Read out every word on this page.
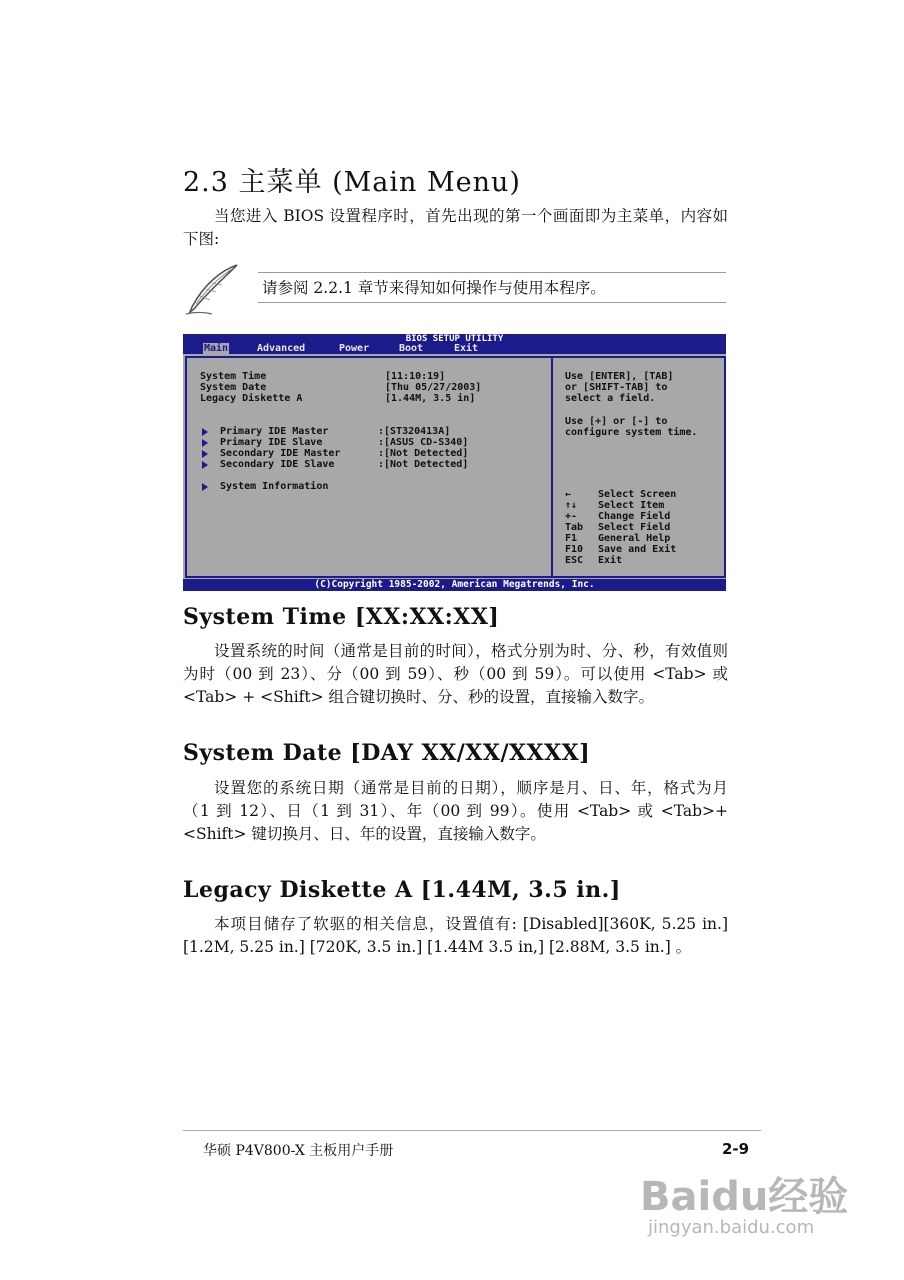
2.3 主菜单 (Main Menu)

当您进入 BIOS 设置程序时，首先出现的第一个画面即为主菜单，内容如下图:

请参阅 2.2.1 章节来得知如何操作与使用本程序。
BIOS SETUP UTILITY
Main	Advanced	Power	Boot	Exit
System Time	[11:10:19]
System Date	[Thu 05/27/2003]
Legacy Diskette A	[1.44M, 3.5 in]
Primary IDE Master	:[ST320413A]
Primary IDE Slave	:[ASUS CD-S340]
Secondary IDE Master	:[Not Detected]
Secondary IDE Slave	:[Not Detected]
System Information
Use [ENTER], [TAB]
or [SHIFT-TAB] to
select a field.
Use [+] or [-] to
configure system time.
←	Select Screen
↑↓ Select Item
+- Change Field
Tab Select Field
F1 General Help
F10 Save and Exit
ESC Exit
(C)Copyright 1985-2002, American Megatrends, Inc.
System Time [XX:XX:XX]

设置系统的时间（通常是目前的时间），格式分别为时、分、秒，有效值则为时（00 到 23）、分（00 到 59）、秒（00 到 59）。可以使用 <Tab> 或 <Tab> + <Shift> 组合键切换时、分、秒的设置，直接输入数字。

System Date [DAY XX/XX/XXXX]

设置您的系统日期（通常是目前的日期），顺序是月、日、年，格式为月 （1 到 12）、日（1 到 31）、年（00 到 99）。使用 <Tab> 或 <Tab>+ <Shift> 键切换月、日、年的设置，直接输入数字。

Legacy Diskette A [1.44M, 3.5 in.]

本项目储存了软驱的相关信息，设置值有: [Disabled][360K, 5.25 in.] [1.2M, 5.25 in.] [720K, 3.5 in.] [1.44M 3.5 in,] [2.88M, 3.5 in.] 。

华硕 P4V800-X 主板用户手册	2-9
Baidu经验
jingyan.baidu.com
